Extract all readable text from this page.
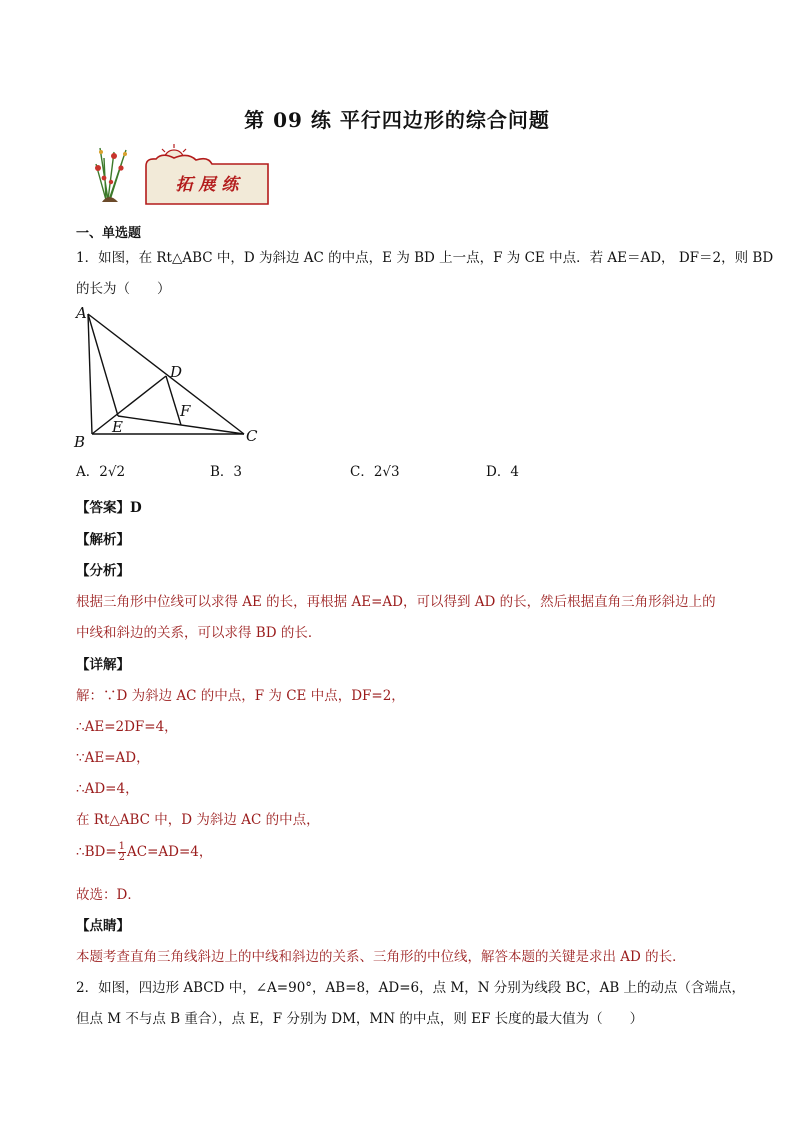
第 09 练 平行四边形的综合问题
拓 展 练
一、单选题
1．如图，在 Rt△ABC 中，D 为斜边 AC 的中点，E 为 BD 上一点，F 为 CE 中点．若 AE＝AD， DF＝2，则 BD
的长为（　　）
A
B	C
D
E
F
A．2√2	B．3	C．2√3	D．4
【答案】D
【解析】
【分析】
根据三角形中位线可以求得 AE 的长，再根据 AE=AD，可以得到 AD 的长，然后根据直角三角形斜边上的
中线和斜边的关系，可以求得 BD 的长．
【详解】
解：∵D 为斜边 AC 的中点，F 为 CE 中点，DF=2，
∴AE=2DF=4，
∵AE=AD，
∴AD=4，
在 Rt△ABC 中，D 为斜边 AC 的中点，
∴BD= $\frac{1}{2} AC=AD=4$，
故选：D．
【点睛】
本题考查直角三角线斜边上的中线和斜边的关系、三角形的中位线，解答本题的关键是求出 AD 的长．
2．如图，四边形 ABCD 中，∠A=90°，AB=8，AD=6，点 M，N 分别为线段 BC，AB 上的动点（含端点，
但点 M 不与点 B 重合），点 E，F 分别为 DM，MN 的中点，则 EF 长度的最大值为（　　）
